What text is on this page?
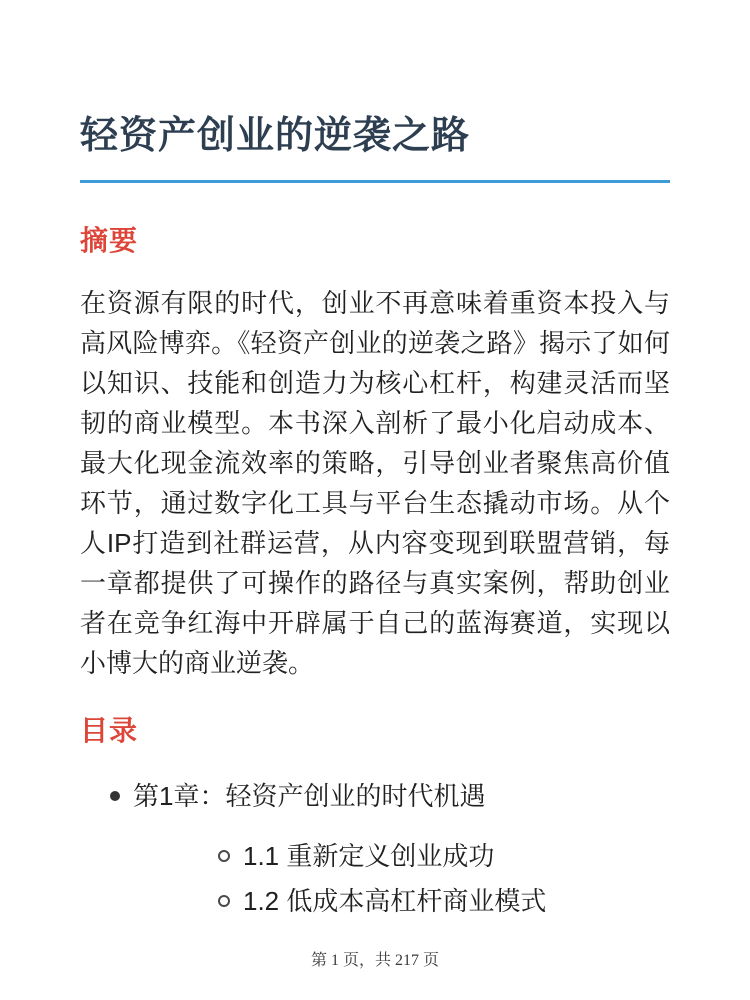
轻资产创业的逆袭之路
摘要

在资源有限的时代，创业不再意味着重资本投入与高风险博弈。《轻资产创业的逆袭之路》揭示了如何以知识、技能和创造力为核心杠杆，构建灵活而坚韧的商业模型。本书深入剖析了最小化启动成本、最大化现金流效率的策略，引导创业者聚焦高价值环节，通过数字化工具与平台生态撬动市场。从个人IP打造到社群运营，从内容变现到联盟营销，每一章都提供了可操作的路径与真实案例，帮助创业者在竞争红海中开辟属于自己的蓝海赛道，实现以小博大的商业逆袭。

目录
第1章：轻资产创业的时代机遇
1.1 重新定义创业成功
1.2 低成本高杠杆商业模式
第 1 页，共 217 页
